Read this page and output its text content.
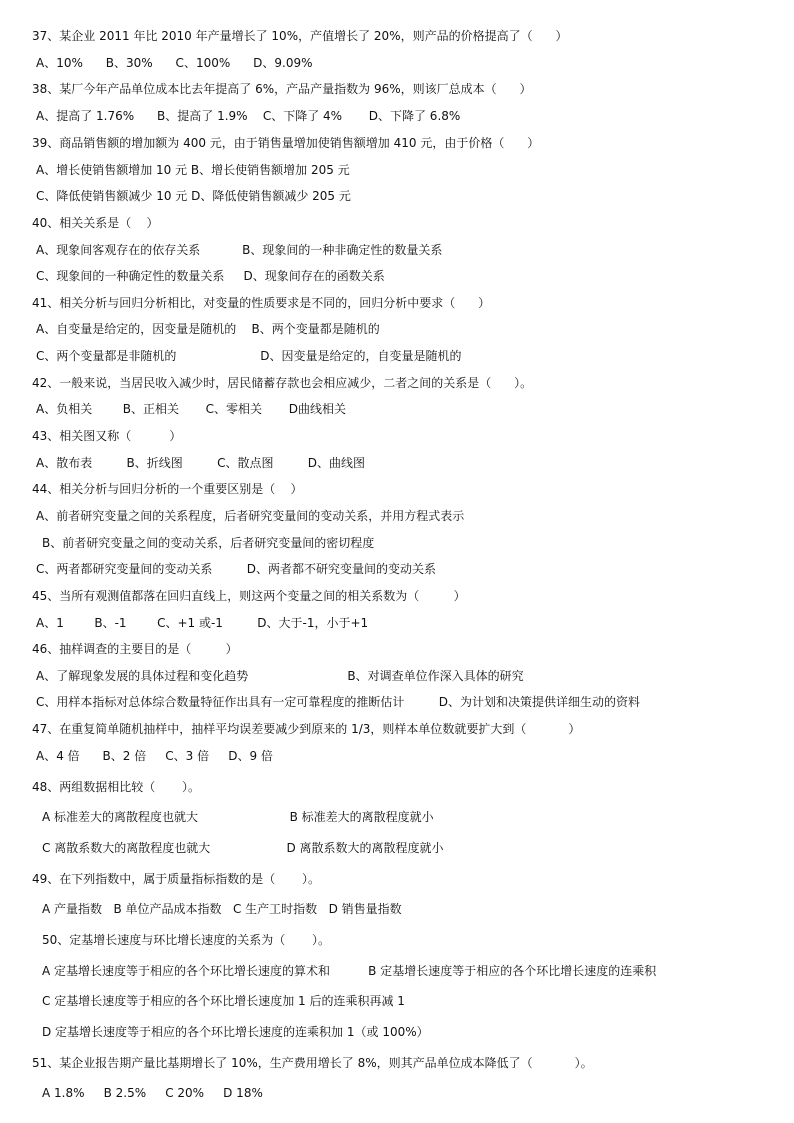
37、某企业 2011 年比 2010 年产量增长了 10%，产值增长了 20%，则产品的价格提高了（      ）
A、10%      B、30%      C、100%      D、9.09%
38、某厂今年产品单位成本比去年提高了 6%，产品产量指数为 96%，则该厂总成本（      ）
A、提高了 1.76%      B、提高了 1.9%    C、下降了 4%       D、下降了 6.8%
39、商品销售额的增加额为 400 元，由于销售量增加使销售额增加 410 元，由于价格（      ）
A、增长使销售额增加 10 元 B、增长使销售额增加 205 元
C、降低使销售额减少 10 元 D、降低使销售额减少 205 元
40、相关关系是（    ）
A、现象间客观存在的依存关系           B、现象间的一种非确定性的数量关系
C、现象间的一种确定性的数量关系     D、现象间存在的函数关系
41、相关分析与回归分析相比，对变量的性质要求是不同的，回归分析中要求（      ）
A、自变量是给定的，因变量是随机的    B、两个变量都是随机的
C、两个变量都是非随机的                      D、因变量是给定的，自变量是随机的
42、一般来说，当居民收入减少时，居民储蓄存款也会相应减少，二者之间的关系是（      ）。
A、负相关        B、正相关       C、零相关       D曲线相关
43、相关图又称（          ）
A、散布表         B、折线图         C、散点图         D、曲线图
44、相关分析与回归分析的一个重要区别是（    ）
A、前者研究变量之间的关系程度，后者研究变量间的变动关系，并用方程式表示
B、前者研究变量之间的变动关系，后者研究变量间的密切程度
C、两者都研究变量间的变动关系         D、两者都不研究变量间的变动关系
45、当所有观测值都落在回归直线上，则这两个变量之间的相关系数为（         ）
A、1        B、-1        C、+1 或-1         D、大于-1，小于+1
46、抽样调查的主要目的是（         ）
A、了解现象发展的具体过程和变化趋势                          B、对调查单位作深入具体的研究
C、用样本指标对总体综合数量特征作出具有一定可靠程度的推断估计         D、为计划和决策提供详细生动的资料
47、在重复简单随机抽样中，抽样平均误差要减少到原来的 1/3，则样本单位数就要扩大到（           ）
A、4 倍      B、2 倍     C、3 倍     D、9 倍
48、两组数据相比较（       ）。
A 标准差大的离散程度也就大                        B 标准差大的离散程度就小
C 离散系数大的离散程度也就大                    D 离散系数大的离散程度就小
49、在下列指数中，属于质量指标指数的是（       ）。
A 产量指数   B 单位产品成本指数   C 生产工时指数   D 销售量指数
50、定基增长速度与环比增长速度的关系为（       ）。
A 定基增长速度等于相应的各个环比增长速度的算术和          B 定基增长速度等于相应的各个环比增长速度的连乘积
C 定基增长速度等于相应的各个环比增长速度加 1 后的连乘积再减 1
D 定基增长速度等于相应的各个环比增长速度的连乘积加 1（或 100%）
51、某企业报告期产量比基期增长了 10%，生产费用增长了 8%，则其产品单位成本降低了（           ）。
A 1.8%     B 2.5%     C 20%     D 18%
